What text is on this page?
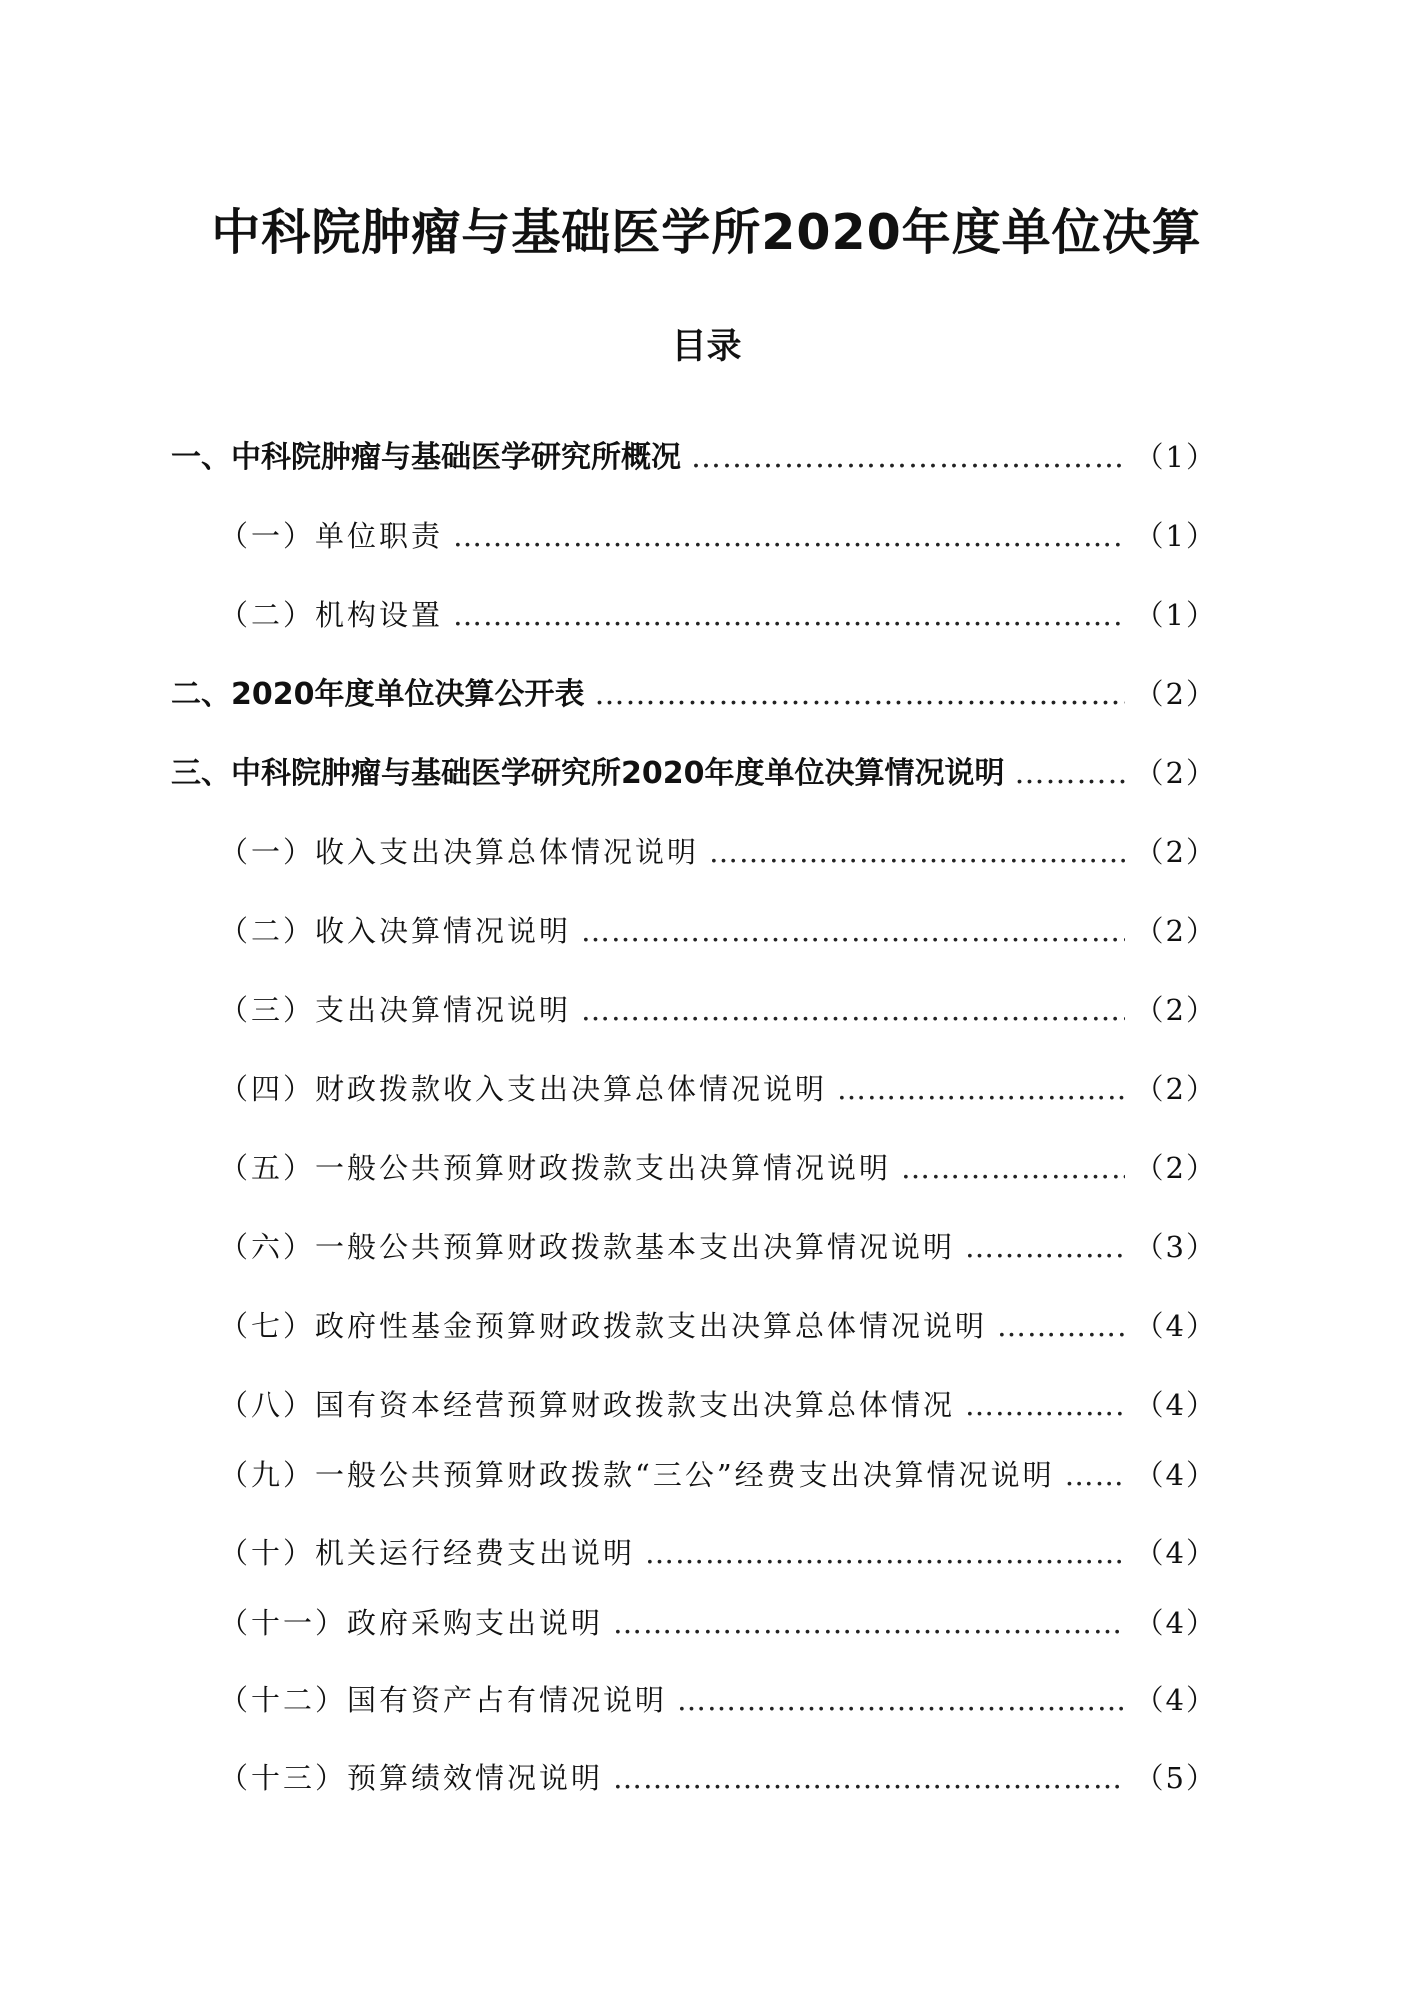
中科院肿瘤与基础医学所2020年度单位决算
目录
一、中科院肿瘤与基础医学研究所概况 ……………………………………………………………………………………………………………………………………………………………………	（1）
（一）单位职责 ……………………………………………………………………………………………………………………………………………………………………	（1）
（二）机构设置 ……………………………………………………………………………………………………………………………………………………………………	（1）
二、2020年度单位决算公开表 ……………………………………………………………………………………………………………………………………………………………………	（2）
三、中科院肿瘤与基础医学研究所2020年度单位决算情况说明 ……………………………………………………………………………………………………………………………………………………………………	（2）
（一）收入支出决算总体情况说明 ……………………………………………………………………………………………………………………………………………………………………	（2）
（二）收入决算情况说明 ……………………………………………………………………………………………………………………………………………………………………	（2）
（三）支出决算情况说明 ……………………………………………………………………………………………………………………………………………………………………	（2）
（四）财政拨款收入支出决算总体情况说明 ……………………………………………………………………………………………………………………………………………………………………	（2）
（五）一般公共预算财政拨款支出决算情况说明 ……………………………………………………………………………………………………………………………………………………………………	（2）
（六）一般公共预算财政拨款基本支出决算情况说明 ……………………………………………………………………………………………………………………………………………………………………	（3）
（七）政府性基金预算财政拨款支出决算总体情况说明 ……………………………………………………………………………………………………………………………………………………………………	（4）
（八）国有资本经营预算财政拨款支出决算总体情况 ……………………………………………………………………………………………………………………………………………………………………	（4）
（九）一般公共预算财政拨款“三公”经费支出决算情况说明 ……………………………………………………………………………………………………………………………………………………………………	（4）
（十）机关运行经费支出说明 ……………………………………………………………………………………………………………………………………………………………………	（4）
（十一）政府采购支出说明 ……………………………………………………………………………………………………………………………………………………………………	（4）
（十二）国有资产占有情况说明 ……………………………………………………………………………………………………………………………………………………………………	（4）
（十三）预算绩效情况说明 ……………………………………………………………………………………………………………………………………………………………………	（5）
